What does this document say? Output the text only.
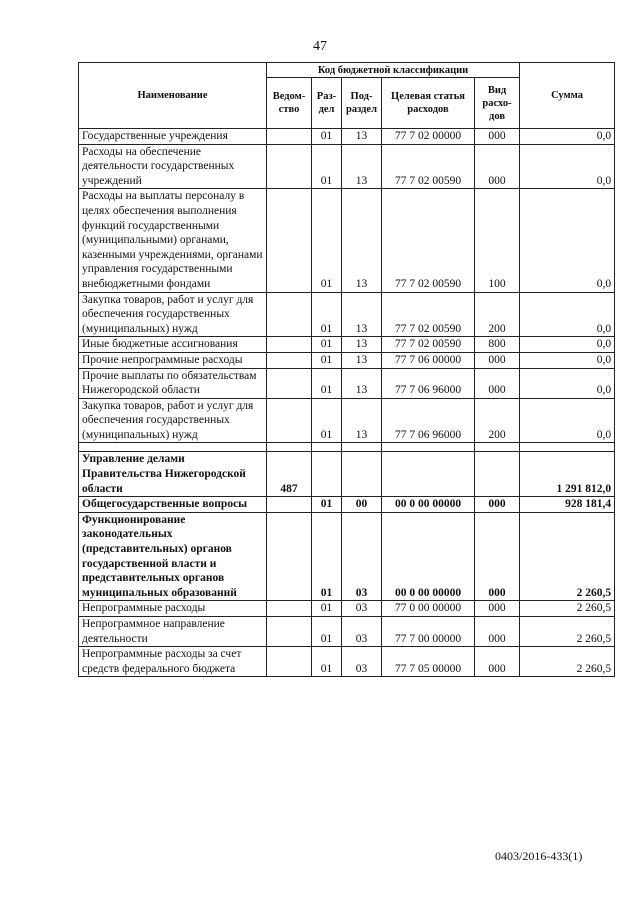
47
Наименование	Код бюджетной классификации					Сумма
	Ведом-ство	Раз-дел	Под-раздел	Целевая статья расходов	Вид расхо-дов	
Государственные учреждения		01	13	77 7 02 00000	000	0,0
Расходы на обеспечение деятельности государственных учреждений		01	13	77 7 02 00590	000	0,0
Расходы на выплаты персоналу в целях обеспечения выполнения функций государственными (муниципальными) органами, казенными учреждениями, органами управления государственными внебюджетными фондами		01	13	77 7 02 00590	100	0,0
Закупка товаров, работ и услуг для обеспечения государственных (муниципальных) нужд		01	13	77 7 02 00590	200	0,0
Иные бюджетные ассигнования		01	13	77 7 02 00590	800	0,0
Прочие непрограммные расходы		01	13	77 7 06 00000	000	0,0
Прочие выплаты по обязательствам Нижегородской области		01	13	77 7 06 96000	000	0,0
Закупка товаров, работ и услуг для обеспечения государственных (муниципальных) нужд		01	13	77 7 06 96000	200	0,0

Управление делами Правительства Нижегородской области	487					1 291 812,0
Общегосударственные вопросы		01	00	00 0 00 00000	000	928 181,4
Функционирование законодательных (представительных) органов государственной власти и представительных органов муниципальных образований		01	03	00 0 00 00000	000	2 260,5
Непрограммные расходы		01	03	77 0 00 00000	000	2 260,5
Непрограммное направление деятельности		01	03	77 7 00 00000	000	2 260,5
Непрограммные расходы за счет средств федерального бюджета		01	03	77 7 05 00000	000	2 260,5
0403/2016-433(1)
